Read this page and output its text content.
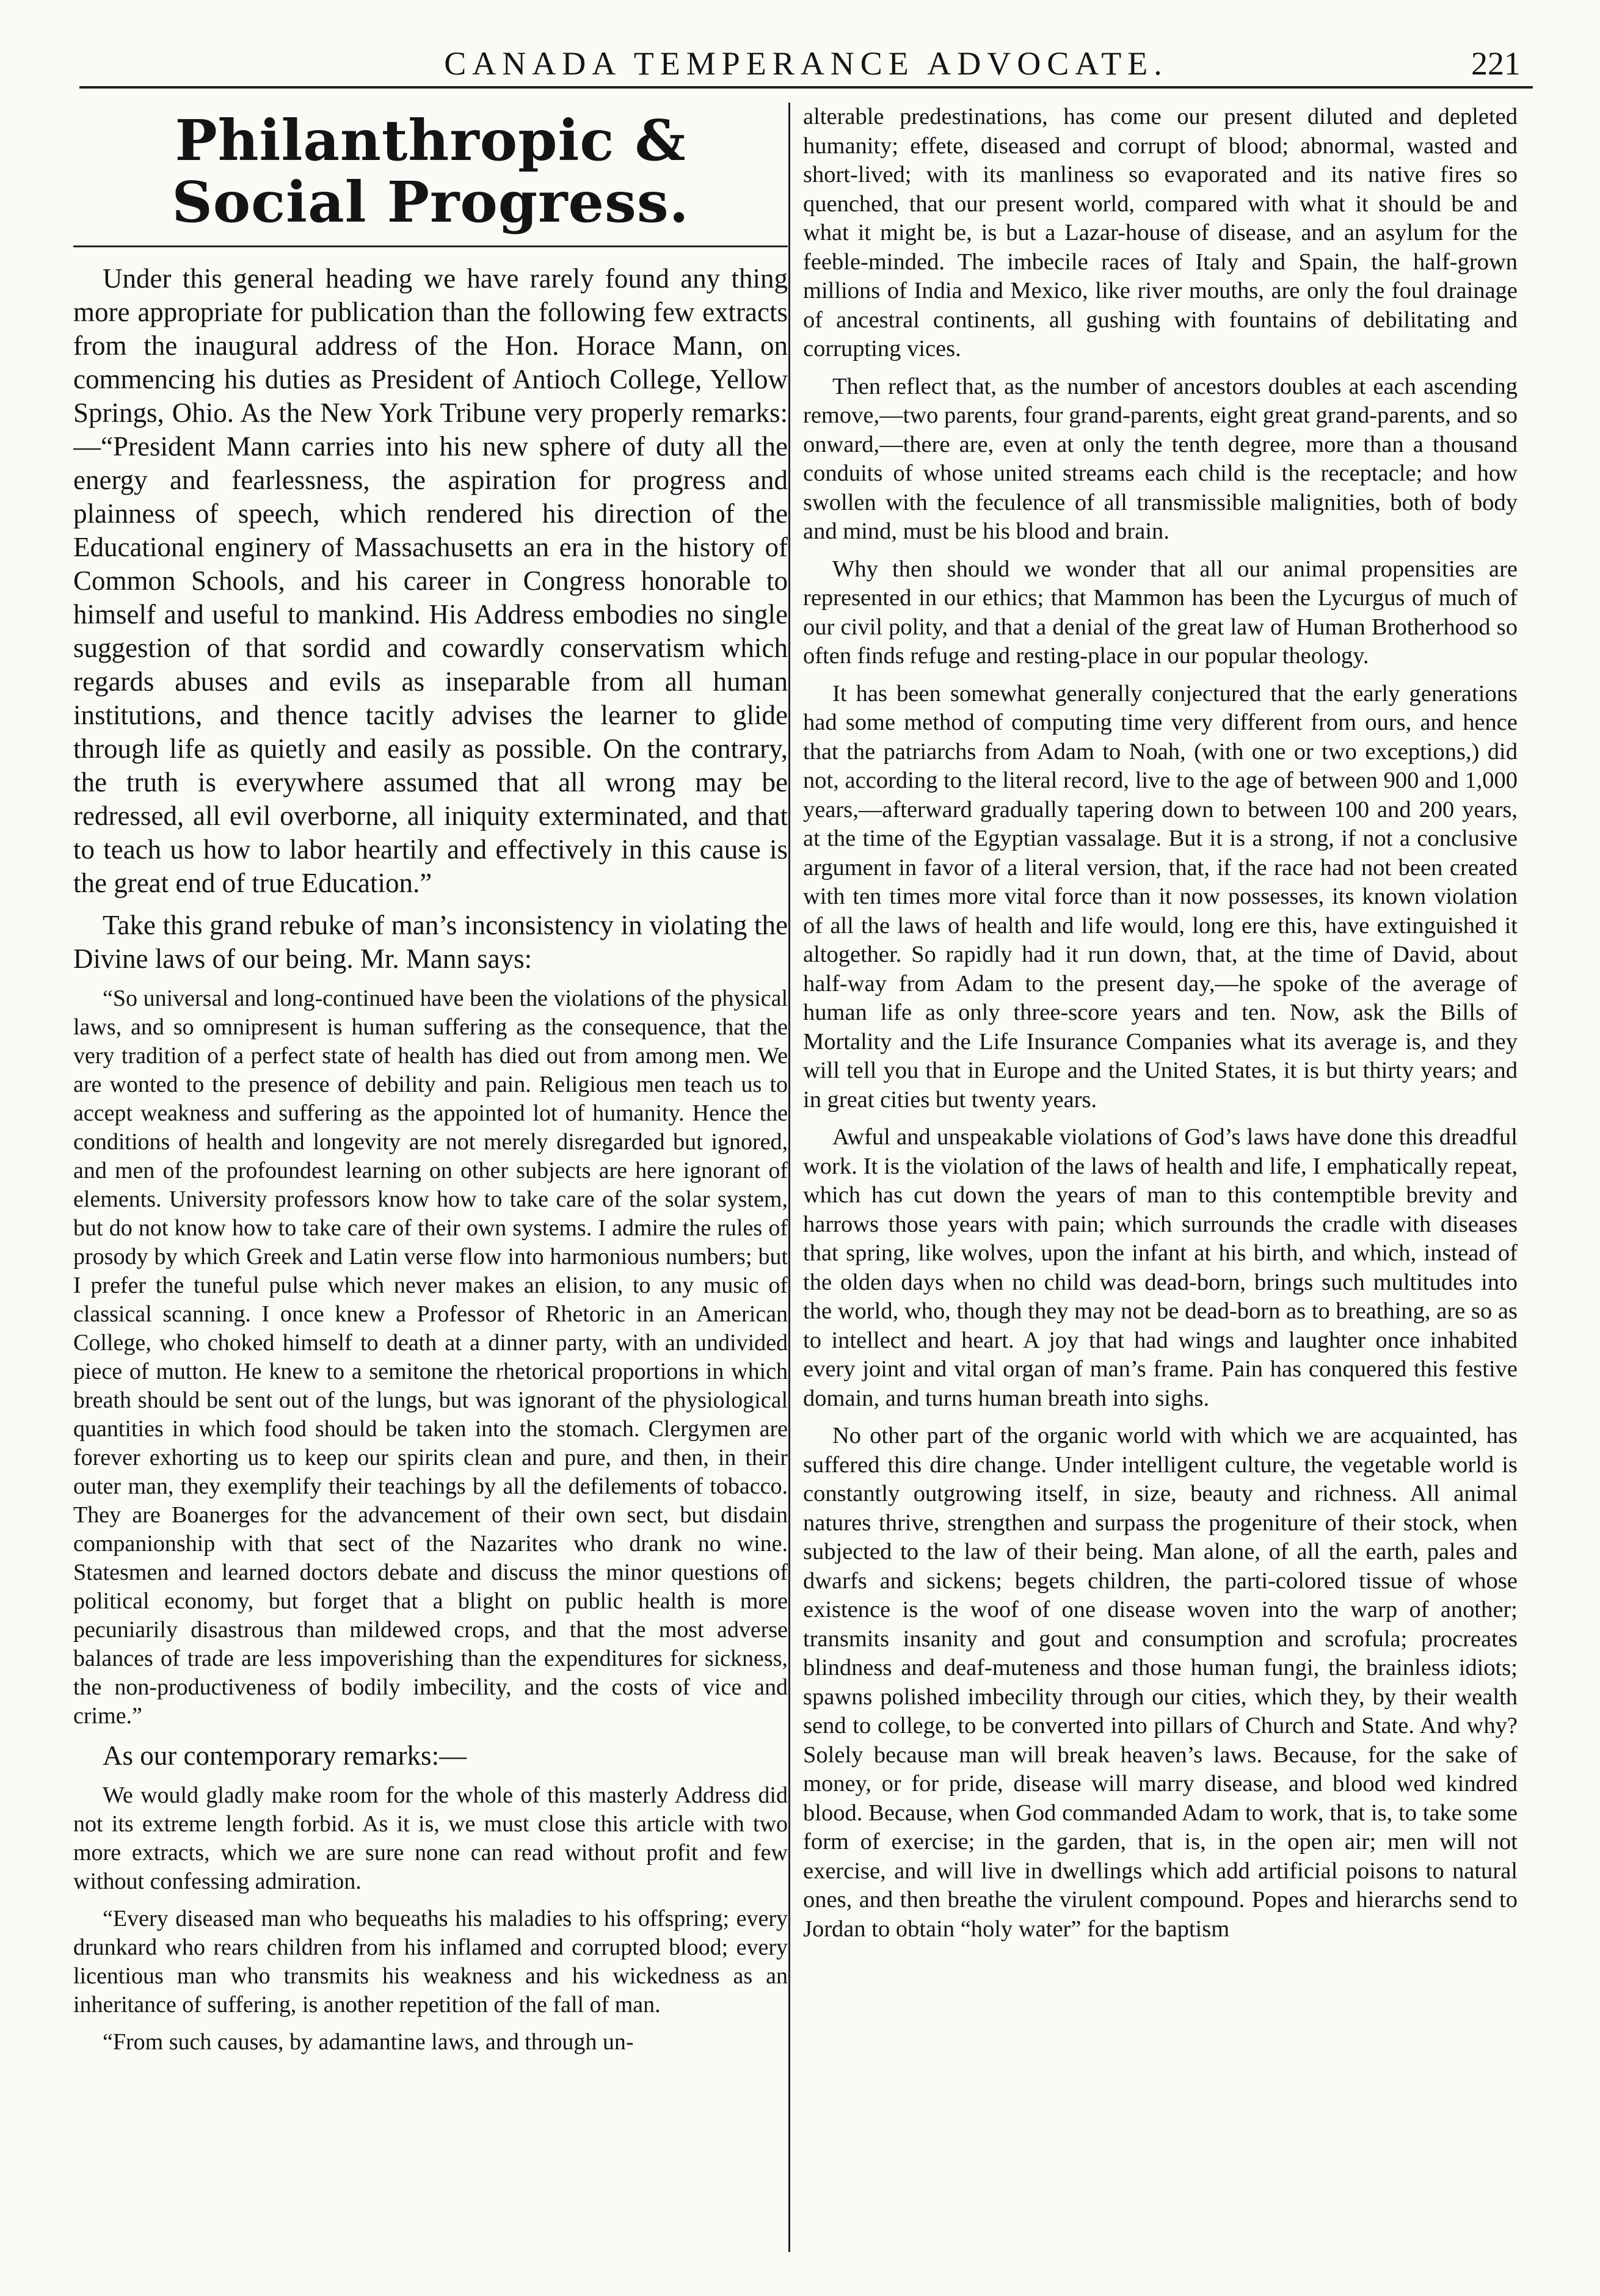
CANADA TEMPERANCE ADVOCATE.	221
Philanthropic & Social Progress.

Under this general heading we have rarely found any thing more appropriate for publication than the following few extracts from the inaugural address of the Hon. Horace Mann, on commencing his duties as President of Antioch College, Yellow Springs, Ohio. As the New York Tribune very properly remarks:—“President Mann carries into his new sphere of duty all the energy and fearlessness, the aspiration for progress and plainness of speech, which rendered his direction of the Educational enginery of Massachusetts an era in the history of Common Schools, and his career in Congress honorable to himself and useful to mankind. His Address embodies no single suggestion of that sordid and cowardly conservatism which regards abuses and evils as inseparable from all human institutions, and thence tacitly advises the learner to glide through life as quietly and easily as possible. On the contrary, the truth is everywhere assumed that all wrong may be redressed, all evil overborne, all iniquity exterminated, and that to teach us how to labor heartily and effectively in this cause is the great end of true Education.”

Take this grand rebuke of man’s inconsistency in violating the Divine laws of our being. Mr. Mann says:

“So universal and long-continued have been the violations of the physical laws, and so omnipresent is human suffering as the consequence, that the very tradition of a perfect state of health has died out from among men. We are wonted to the presence of debility and pain. Religious men teach us to accept weakness and suffering as the appointed lot of humanity. Hence the conditions of health and longevity are not merely disregarded but ignored, and men of the profoundest learning on other subjects are here ignorant of elements. University professors know how to take care of the solar system, but do not know how to take care of their own systems. I admire the rules of prosody by which Greek and Latin verse flow into harmonious numbers; but I prefer the tuneful pulse which never makes an elision, to any music of classical scanning. I once knew a Professor of Rhetoric in an American College, who choked himself to death at a dinner party, with an undivided piece of mutton. He knew to a semitone the rhetorical proportions in which breath should be sent out of the lungs, but was ignorant of the physiological quantities in which food should be taken into the stomach. Clergymen are forever exhorting us to keep our spirits clean and pure, and then, in their outer man, they exemplify their teachings by all the defilements of tobacco. They are Boanerges for the advancement of their own sect, but disdain companionship with that sect of the Nazarites who drank no wine. Statesmen and learned doctors debate and discuss the minor questions of political economy, but forget that a blight on public health is more pecuniarily disastrous than mildewed crops, and that the most adverse balances of trade are less impoverishing than the expenditures for sickness, the non-productiveness of bodily imbecility, and the costs of vice and crime.”

As our contemporary remarks:—

We would gladly make room for the whole of this masterly Address did not its extreme length forbid. As it is, we must close this article with two more extracts, which we are sure none can read without profit and few without confessing admiration.

“Every diseased man who bequeaths his maladies to his offspring; every drunkard who rears children from his inflamed and corrupted blood; every licentious man who transmits his weakness and his wickedness as an inheritance of suffering, is another repetition of the fall of man.

“From such causes, by adamantine laws, and through un-

alterable predestinations, has come our present diluted and depleted humanity; effete, diseased and corrupt of blood; abnormal, wasted and short-lived; with its manliness so evaporated and its native fires so quenched, that our present world, compared with what it should be and what it might be, is but a Lazar-house of disease, and an asylum for the feeble-minded. The imbecile races of Italy and Spain, the half-grown millions of India and Mexico, like river mouths, are only the foul drainage of ancestral continents, all gushing with fountains of debilitating and corrupting vices.

Then reflect that, as the number of ancestors doubles at each ascending remove,—two parents, four grand-parents, eight great grand-parents, and so onward,—there are, even at only the tenth degree, more than a thousand conduits of whose united streams each child is the receptacle; and how swollen with the feculence of all transmissible malignities, both of body and mind, must be his blood and brain.

Why then should we wonder that all our animal propensities are represented in our ethics; that Mammon has been the Lycurgus of much of our civil polity, and that a denial of the great law of Human Brotherhood so often finds refuge and resting-place in our popular theology.

It has been somewhat generally conjectured that the early generations had some method of computing time very different from ours, and hence that the patriarchs from Adam to Noah, (with one or two exceptions,) did not, according to the literal record, live to the age of between 900 and 1,000 years,—afterward gradually tapering down to between 100 and 200 years, at the time of the Egyptian vassalage. But it is a strong, if not a conclusive argument in favor of a literal version, that, if the race had not been created with ten times more vital force than it now possesses, its known violation of all the laws of health and life would, long ere this, have extinguished it altogether. So rapidly had it run down, that, at the time of David, about half-way from Adam to the present day,—he spoke of the average of human life as only three-score years and ten. Now, ask the Bills of Mortality and the Life Insurance Companies what its average is, and they will tell you that in Europe and the United States, it is but thirty years; and in great cities but twenty years.

Awful and unspeakable violations of God’s laws have done this dreadful work. It is the violation of the laws of health and life, I emphatically repeat, which has cut down the years of man to this contemptible brevity and harrows those years with pain; which surrounds the cradle with diseases that spring, like wolves, upon the infant at his birth, and which, instead of the olden days when no child was dead-born, brings such multitudes into the world, who, though they may not be dead-born as to breathing, are so as to intellect and heart. A joy that had wings and laughter once inhabited every joint and vital organ of man’s frame. Pain has conquered this festive domain, and turns human breath into sighs.

No other part of the organic world with which we are acquainted, has suffered this dire change. Under intelligent culture, the vegetable world is constantly outgrowing itself, in size, beauty and richness. All animal natures thrive, strengthen and surpass the progeniture of their stock, when subjected to the law of their being. Man alone, of all the earth, pales and dwarfs and sickens; begets children, the parti-colored tissue of whose existence is the woof of one disease woven into the warp of another; transmits insanity and gout and consumption and scrofula; procreates blindness and deaf-muteness and those human fungi, the brainless idiots; spawns polished imbecility through our cities, which they, by their wealth send to college, to be converted into pillars of Church and State. And why? Solely because man will break heaven’s laws. Because, for the sake of money, or for pride, disease will marry disease, and blood wed kindred blood. Because, when God commanded Adam to work, that is, to take some form of exercise; in the garden, that is, in the open air; men will not exercise, and will live in dwellings which add artificial poisons to natural ones, and then breathe the virulent compound. Popes and hierarchs send to Jordan to obtain “holy water” for the baptism
